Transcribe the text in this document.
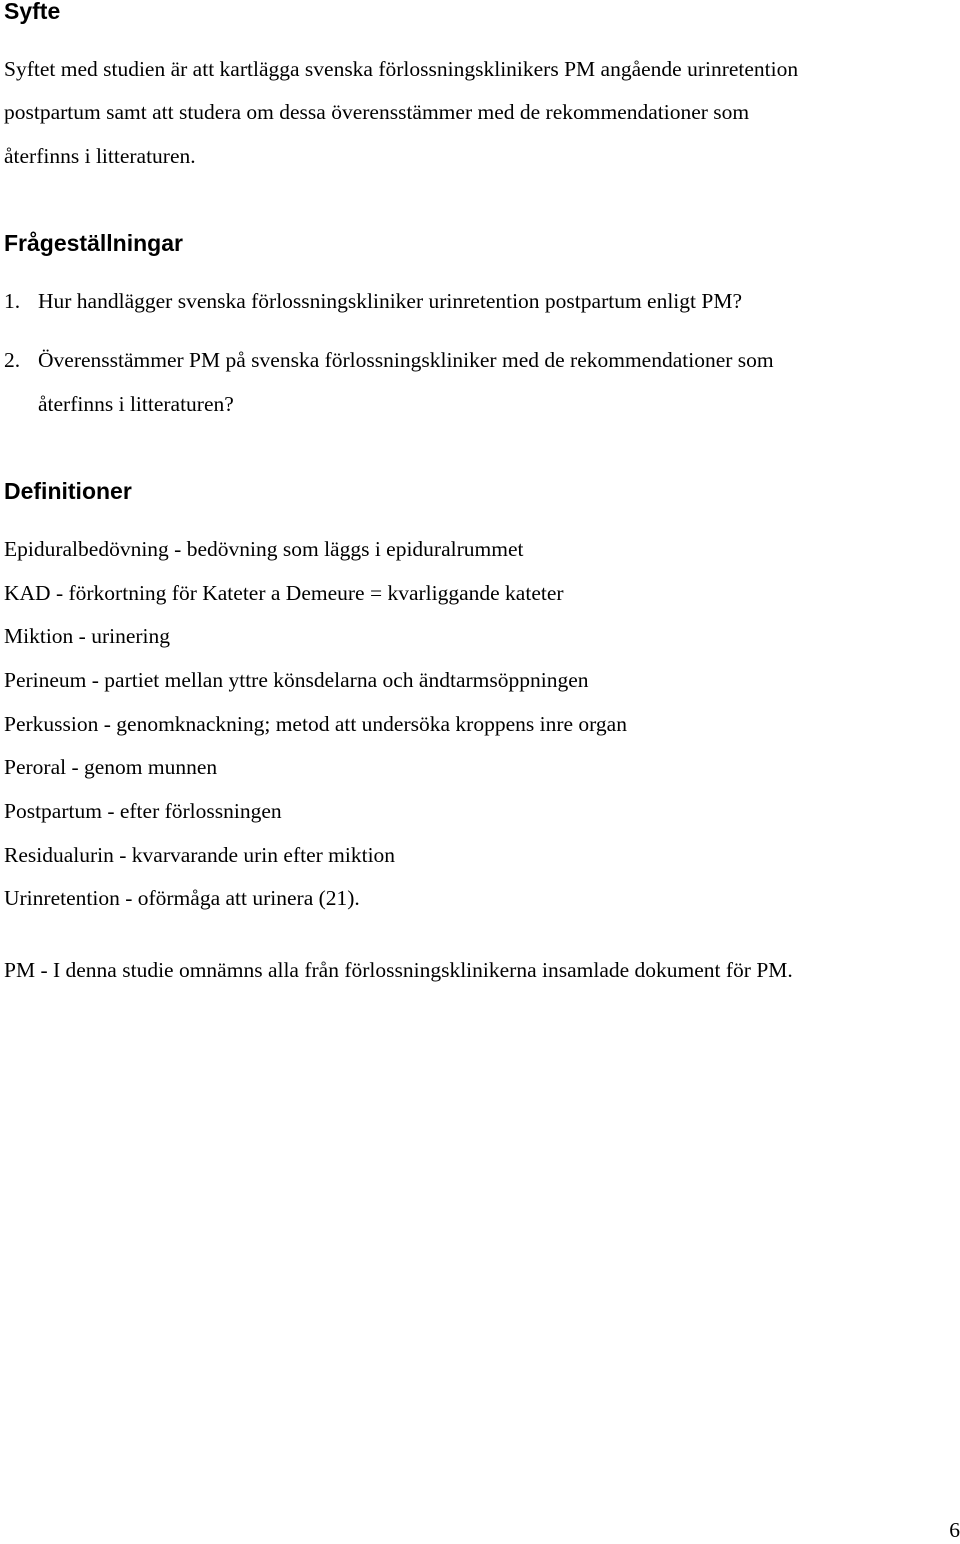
Syfte

Syftet med studien är att kartlägga svenska förlossningsklinikers PM angående urinretention

postpartum samt att studera om dessa överensstämmer med de rekommendationer som

återfinns i litteraturen.

Frågeställningar

1. Hur handlägger svenska förlossningskliniker urinretention postpartum enligt PM?

2. Överensstämmer PM på svenska förlossningskliniker med de rekommendationer som

återfinns i litteraturen?

Definitioner

Epiduralbedövning - bedövning som läggs i epiduralrummet

KAD - förkortning för Kateter a Demeure = kvarliggande kateter

Miktion - urinering

Perineum - partiet mellan yttre könsdelarna och ändtarmsöppningen

Perkussion - genomknackning; metod att undersöka kroppens inre organ

Peroral - genom munnen

Postpartum - efter förlossningen

Residualurin - kvarvarande urin efter miktion

Urinretention - oförmåga att urinera (21).

PM - I denna studie omnämns alla från förlossningsklinikerna insamlade dokument för PM.

6
